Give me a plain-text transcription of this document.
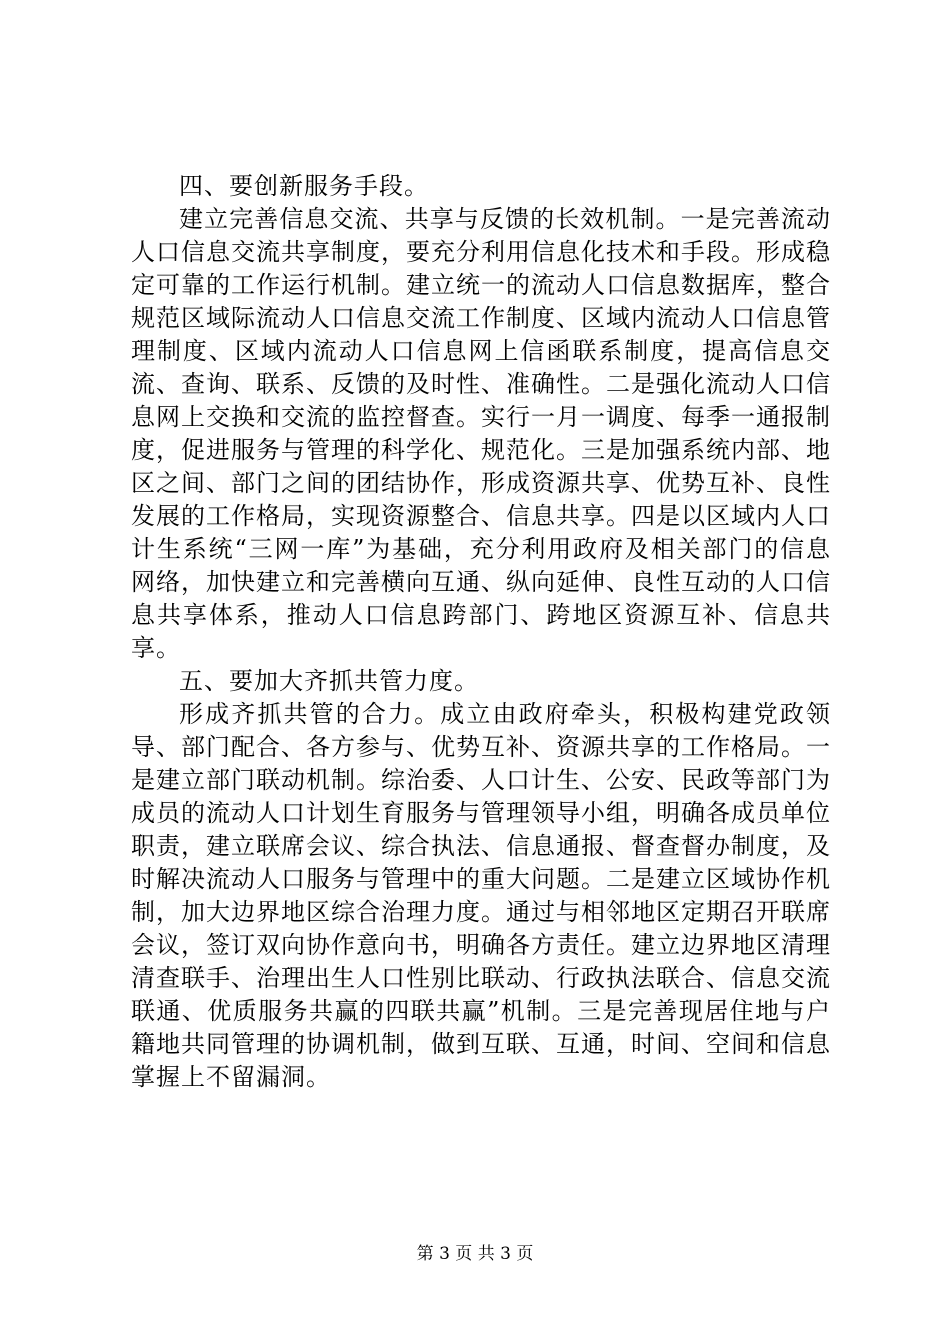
四、要创新服务手段。

建立完善信息交流、共享与反馈的长效机制。一是完善流动人口信息交流共享制度，要充分利用信息化技术和手段。形成稳定可靠的工作运行机制。建立统一的流动人口信息数据库，整合规范区域际流动人口信息交流工作制度、区域内流动人口信息管理制度、区域内流动人口信息网上信函联系制度，提高信息交流、查询、联系、反馈的及时性、准确性。二是强化流动人口信息网上交换和交流的监控督查。实行一月一调度、每季一通报制度，促进服务与管理的科学化、规范化。三是加强系统内部、地区之间、部门之间的团结协作，形成资源共享、优势互补、良性发展的工作格局，实现资源整合、信息共享。四是以区域内人口计生系统“三网一库”为基础，充分利用政府及相关部门的信息网络，加快建立和完善横向互通、纵向延伸、良性互动的人口信息共享体系，推动人口信息跨部门、跨地区资源互补、信息共享。

五、要加大齐抓共管力度。

形成齐抓共管的合力。成立由政府牵头，积极构建党政领导、部门配合、各方参与、优势互补、资源共享的工作格局。一是建立部门联动机制。综治委、人口计生、公安、民政等部门为成员的流动人口计划生育服务与管理领导小组，明确各成员单位职责，建立联席会议、综合执法、信息通报、督查督办制度，及时解决流动人口服务与管理中的重大问题。二是建立区域协作机制，加大边界地区综合治理力度。通过与相邻地区定期召开联席会议，签订双向协作意向书，明确各方责任。建立边界地区清理清查联手、治理出生人口性别比联动、行政执法联合、信息交流联通、优质服务共赢的四联共赢”机制。三是完善现居住地与户籍地共同管理的协调机制，做到互联、互通，时间、空间和信息掌握上不留漏洞。

第 3 页 共 3 页
